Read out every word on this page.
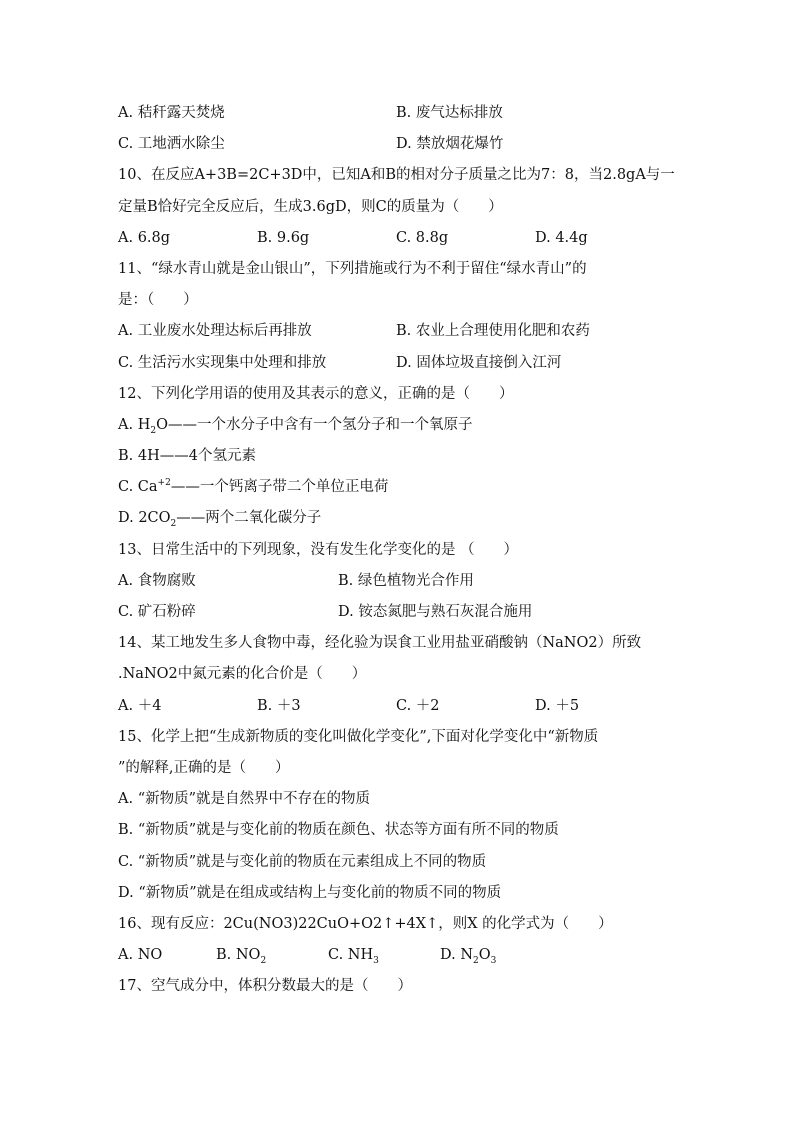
A. 秸秆露天焚烧	B. 废气达标排放
C. 工地洒水除尘	D. 禁放烟花爆竹
10、在反应A+3B=2C+3D中，已知A和B的相对分子质量之比为7：8，当2.8gA与一
定量B恰好完全反应后，生成3.6gD，则C的质量为（　　）
A. 6.8g	B. 9.6g	C. 8.8g	D. 4.4g
11、“绿水青山就是金山银山”，下列措施或行为不利于留住“绿水青山”的
是：（　　）
A. 工业废水处理达标后再排放	B. 农业上合理使用化肥和农药
C. 生活污水实现集中处理和排放	D. 固体垃圾直接倒入江河
12、下列化学用语的使用及其表示的意义，正确的是（　　）
A. $H_2O——$一个水分子中含有一个氢分子和一个氧原子
B. 4H——4个氢元素
C. $Ca^{+2}——$一个钙离子带二个单位正电荷
D. $2CO_2——$两个二氧化碳分子
13、日常生活中的下列现象，没有发生化学变化的是 （　　）
A. 食物腐败	B. 绿色植物光合作用
C. 矿石粉碎	D. 铵态氮肥与熟石灰混合施用
14、某工地发生多人食物中毒，经化验为误食工业用盐亚硝酸钠（NaNO2）所致
.NaNO2中氮元素的化合价是（　　）
A. ＋4	B. ＋3	C. ＋2	D. ＋5
15、化学上把“生成新物质的变化叫做化学变化”,下面对化学变化中“新物质
”的解释,正确的是（　　）
A. “新物质”就是自然界中不存在的物质
B. “新物质”就是与变化前的物质在颜色、状态等方面有所不同的物质
C. “新物质”就是与变化前的物质在元素组成上不同的物质
D. “新物质”就是在组成或结构上与变化前的物质不同的物质
16、现有反应：2Cu(NO3)22CuO+O2↑+4X↑，则X 的化学式为（　　）
A. NO	B. $NO_2$	C. $NH_3$	D. $N_2O_3$
17、空气成分中，体积分数最大的是（　　）
